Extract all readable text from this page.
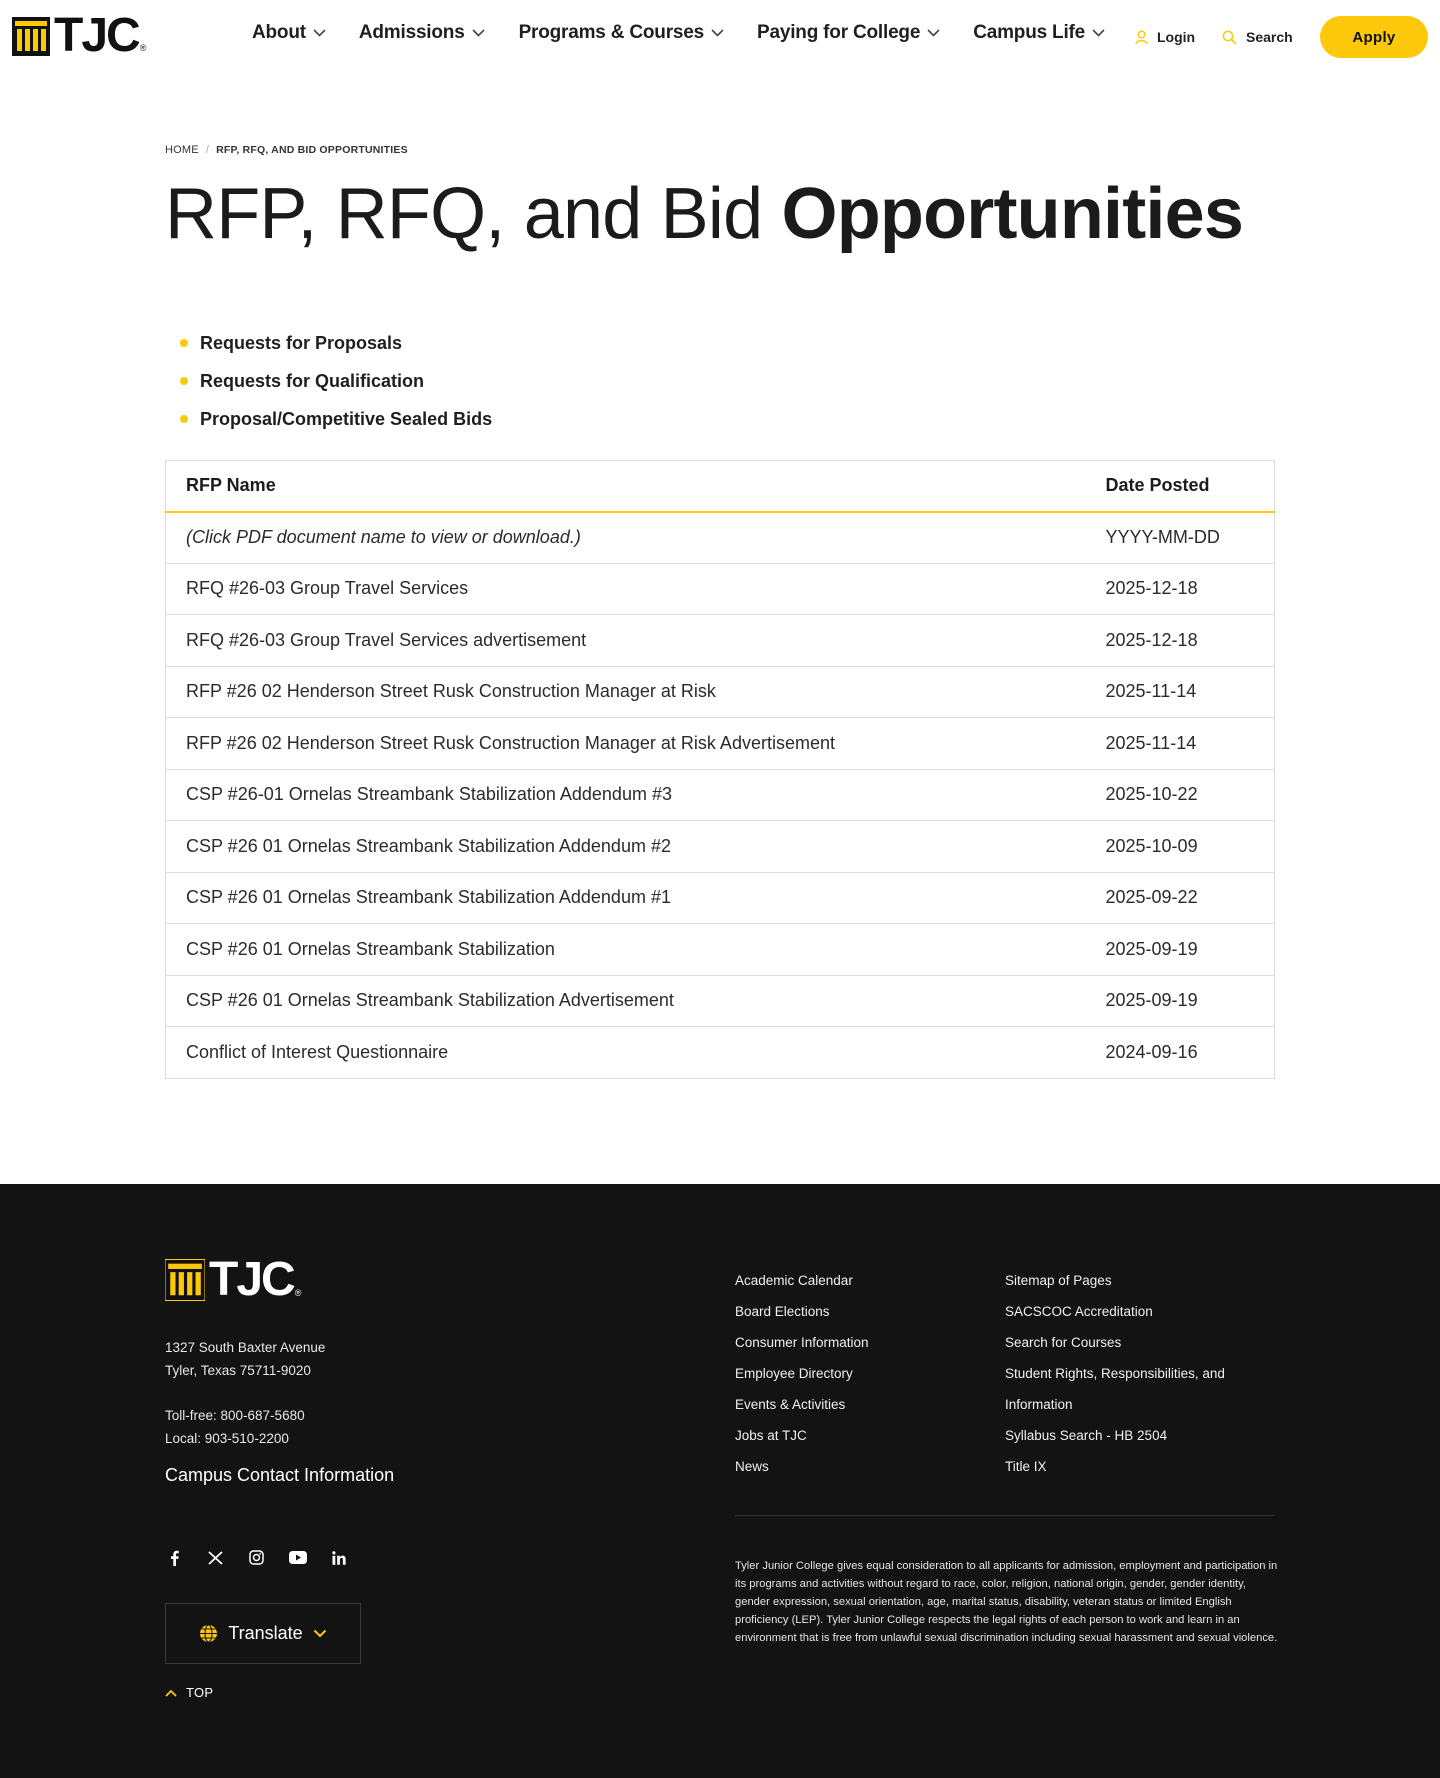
TJC ®
About	Admissions	Programs & Courses	Paying for College	Campus Life	Login	Search	Apply
HOME / RFP, RFQ, AND BID OPPORTUNITIES
RFP, RFQ, and Bid Opportunities
Requests for Proposals
Requests for Qualification
Proposal/Competitive Sealed Bids
RFP Name	Date Posted
(Click PDF document name to view or download.)	YYYY-MM-DD
RFQ #26-03 Group Travel Services	2025-12-18
RFQ #26-03 Group Travel Services advertisement	2025-12-18
RFP #26 02 Henderson Street Rusk Construction Manager at Risk	2025-11-14
RFP #26 02 Henderson Street Rusk Construction Manager at Risk Advertisement	2025-11-14
CSP #26-01 Ornelas Streambank Stabilization Addendum #3	2025-10-22
CSP #26 01 Ornelas Streambank Stabilization Addendum #2	2025-10-09
CSP #26 01 Ornelas Streambank Stabilization Addendum #1	2025-09-22
CSP #26 01 Ornelas Streambank Stabilization	2025-09-19
CSP #26 01 Ornelas Streambank Stabilization Advertisement	2025-09-19
Conflict of Interest Questionnaire	2024-09-16
TJC ®
1327 South Baxter Avenue
Tyler, Texas 75711-9020
Toll-free: 800-687-5680
Local: 903-510-2200
Campus Contact Information
Translate
TOP
Academic Calendar
Board Elections
Consumer Information
Employee Directory
Events & Activities
Jobs at TJC
News
Sitemap of Pages
SACSCOC Accreditation
Search for Courses
Student Rights, Responsibilities, and
Information
Syllabus Search - HB 2504
Title IX

Tyler Junior College gives equal consideration to all applicants for admission, employment and participation in its programs and activities without regard to race, color, religion, national origin, gender, gender identity, gender expression, sexual orientation, age, marital status, disability, veteran status or limited English proficiency (LEP). Tyler Junior College respects the legal rights of each person to work and learn in an environment that is free from unlawful sexual discrimination including sexual harassment and sexual violence.
